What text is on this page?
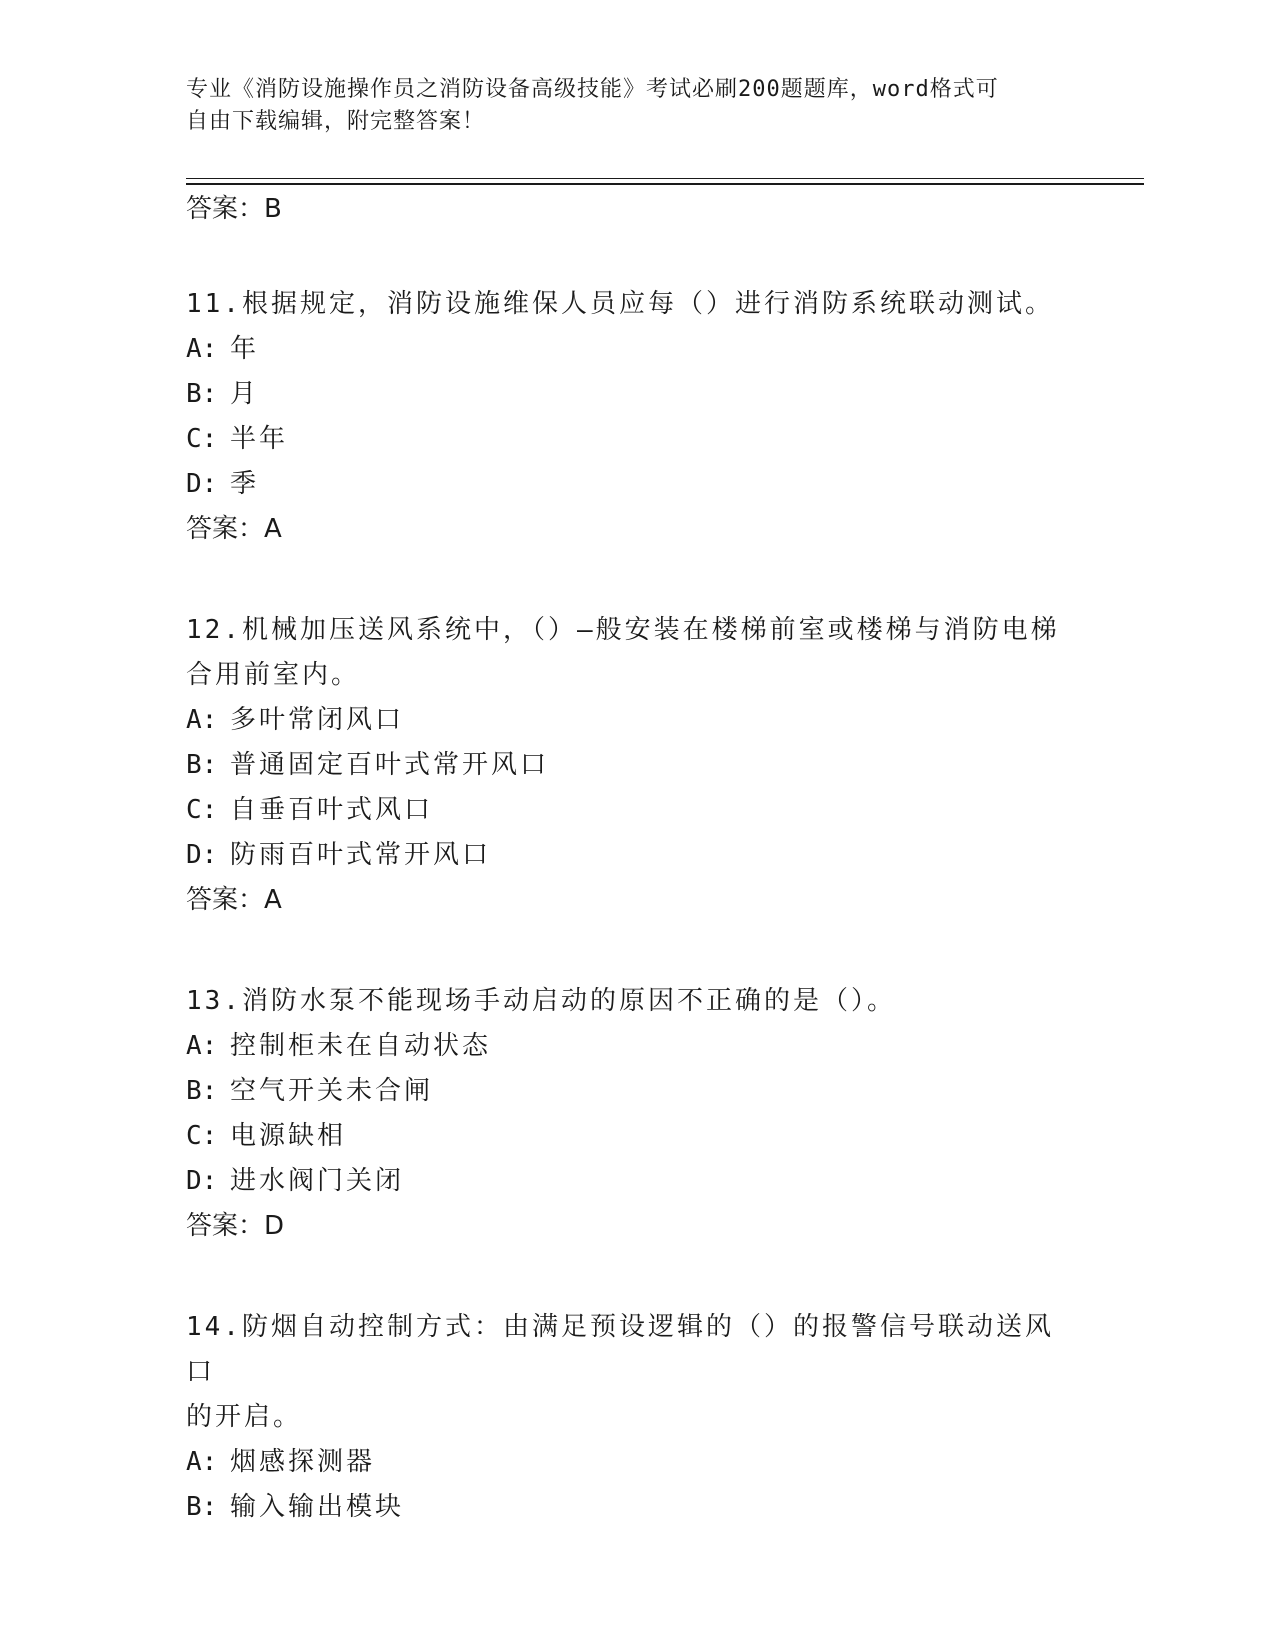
专业《消防设施操作员之消防设备高级技能》考试必刷200题题库，word格式可
自由下载编辑，附完整答案！

答案：B

11.根据规定，消防设施维保人员应每（）进行消防系统联动测试。

A: 年

B: 月

C: 半年

D: 季

答案：A

12.机械加压送风系统中，（）—般安装在楼梯前室或楼梯与消防电梯

合用前室内。

A: 多叶常闭风口

B: 普通固定百叶式常开风口

C: 自垂百叶式风口

D: 防雨百叶式常开风口

答案：A

13.消防水泵不能现场手动启动的原因不正确的是（）。

A: 控制柜未在自动状态

B: 空气开关未合闸

C: 电源缺相

D: 进水阀门关闭

答案：D

14.防烟自动控制方式：由满足预设逻辑的（）的报警信号联动送风口

的开启。

A: 烟感探测器

B: 输入输出模块
